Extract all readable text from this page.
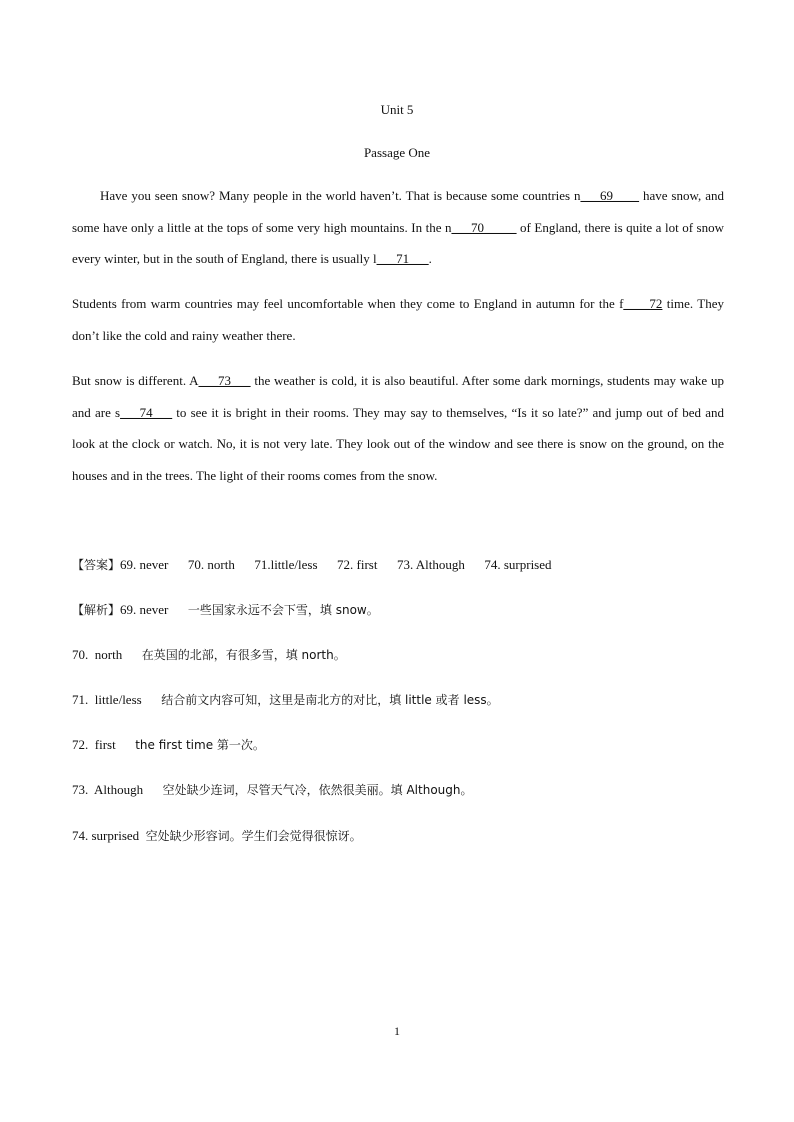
Unit 5
Passage One

Have you seen snow? Many people in the world haven’t. That is because some countries n___69____ have snow, and some have only a little at the tops of some very high mountains. In the n___70_____ of England, there is quite a lot of snow every winter, but in the south of England, there is usually l___71___.

Students from warm countries may feel uncomfortable when they come to England in autumn for the f____72 time. They don’t like the cold and rainy weather there.

But snow is different. A___73___ the weather is cold, it is also beautiful. After some dark mornings, students may wake up and are s___74___ to see it is bright in their rooms. They may say to themselves, “Is it so late?” and jump out of bed and look at the clock or watch. No, it is not very late. They look out of the window and see there is snow on the ground, on the houses and in the trees. The light of their rooms comes from the snow.

【答案】69. never      70. north      71.little/less      72. first      73. Although      74. surprised

【解析】69. never 一些国家永远不会下雪，填 snow。

70.  north 在英国的北部，有很多雪，填 north。

71.  little/less 结合前文内容可知，这里是南北方的对比，填 little 或者 less。

72.  first the first time 第一次。

73.  Although 空处缺少连词，尽管天气冷，依然很美丽。填 Although。

74. surprised 空处缺少形容词。学生们会觉得很惊讶。

1
